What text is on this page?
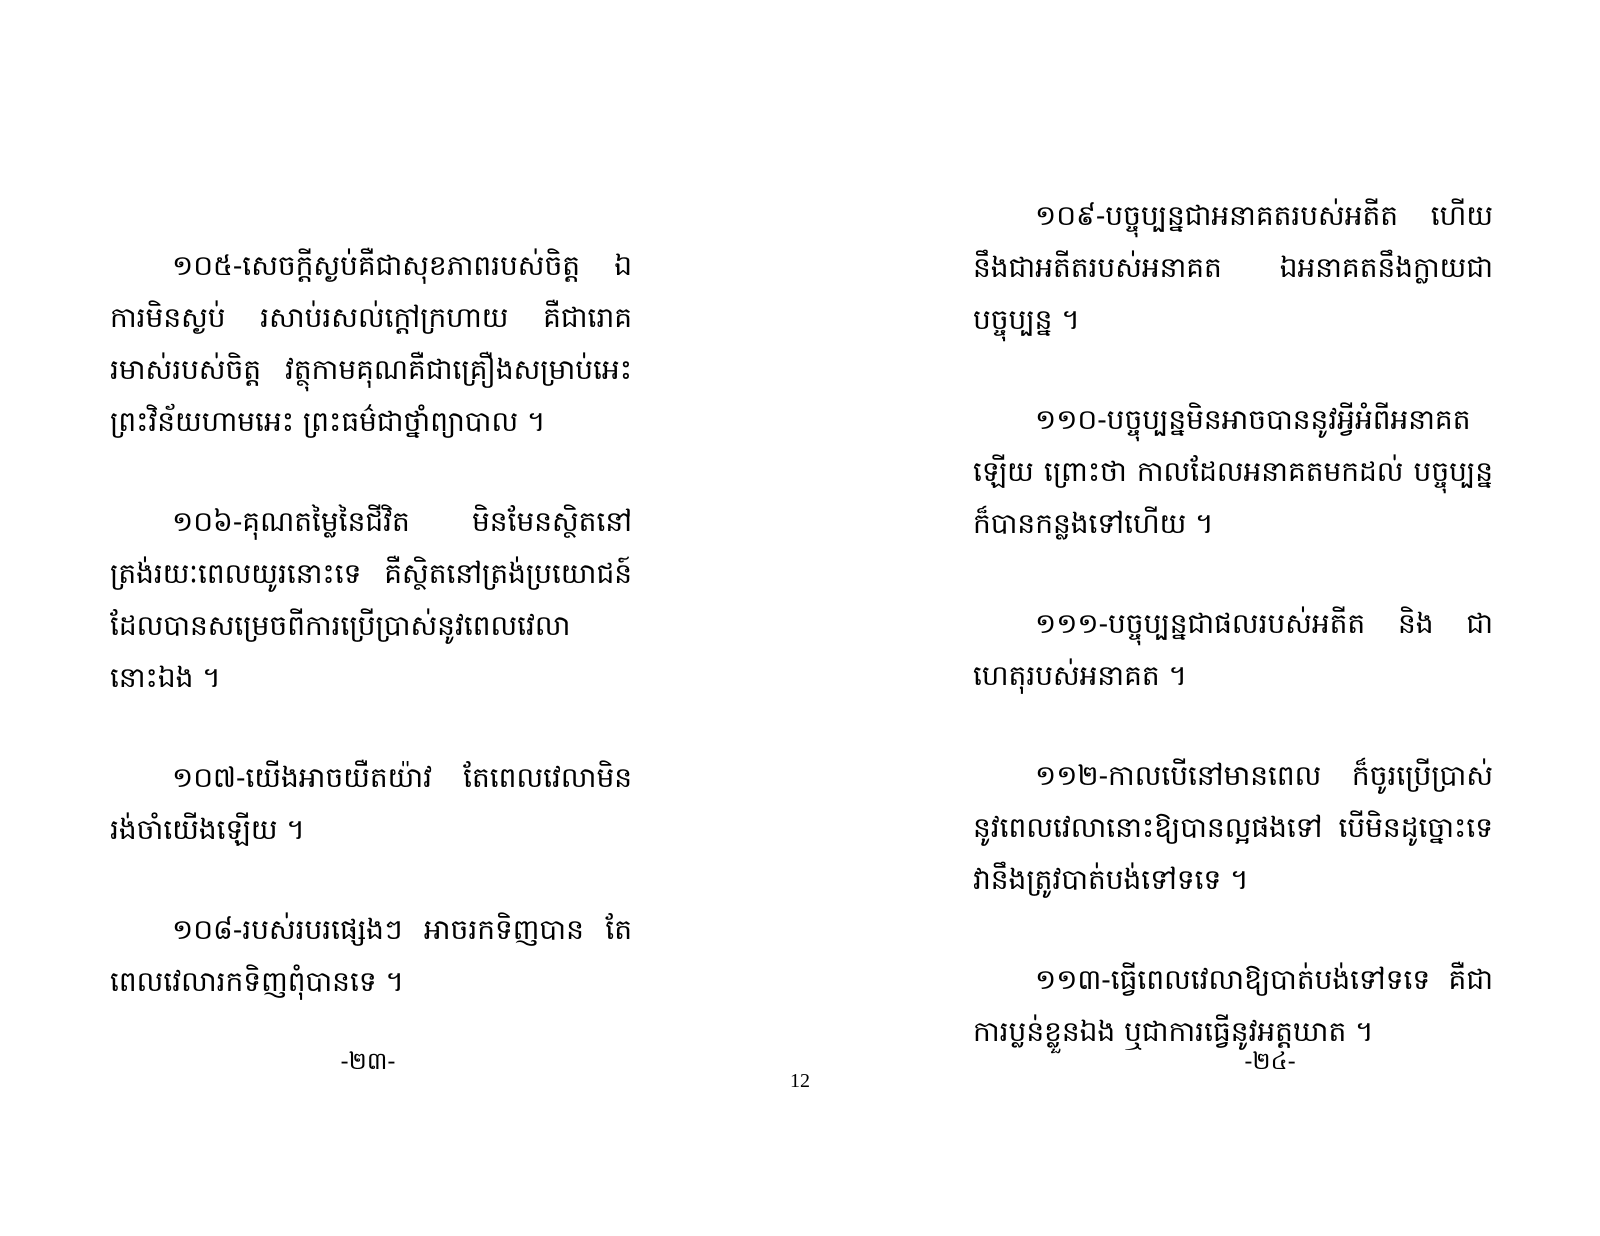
១០៥-សេចក្ដីស្ងប់គឺជាសុខភាពរបស់ចិត្ត ឯការមិនស្ងប់ រសាប់រសល់ក្ដៅក្រហាយ គឺជារោគរមាស់របស់ចិត្ត វត្ថុកាមគុណគឺជាគ្រឿងសម្រាប់អេះ ព្រះវិន័យហាមអេះ ព្រះធម៌ជាថ្នាំព្យាបាល ។

១០៦-គុណតម្លៃនៃជីវិត មិនមែនស្ថិតនៅត្រង់រយៈពេលយូរនោះទេ គឺស្ថិតនៅត្រង់ប្រយោជន៍ដែលបានសម្រេចពីការប្រើប្រាស់នូវពេលវេលានោះឯង ។

១០៧-យើងអាចយឺតយ៉ាវ តែពេលវេលាមិនរង់ចាំយើងឡើយ ។

១០៨-របស់របរផ្សេងៗ អាចរកទិញបាន តែពេលវេលារកទិញពុំបានទេ ។

-២៣-

១០៩-បច្ចុប្បន្នជាអនាគតរបស់អតីត ហើយនឹងជាអតីតរបស់អនាគត ឯអនាគតនឹងក្លាយជាបច្ចុប្បន្ន ។

១១០-បច្ចុប្បន្នមិនអាចបាននូវអ្វីអំពីអនាគតឡើយ ព្រោះថា កាលដែលអនាគតមកដល់ បច្ចុប្បន្នក៏បានកន្លងទៅហើយ ។

១១១-បច្ចុប្បន្នជាផលរបស់អតីត និង ជាហេតុរបស់អនាគត ។

១១២-កាលបើនៅមានពេល ក៏ចូរប្រើប្រាស់នូវពេលវេលានោះឱ្យបានល្អផងទៅ បើមិនដូច្នោះទេ វានឹងត្រូវបាត់បង់ទៅទទេ ។

១១៣-ធ្វើពេលវេលាឱ្យបាត់បង់ទៅទទេ គឺជាការប្លន់ខ្លួនឯង ឬជាការធ្វើនូវអត្តឃាត ។

-២៤-
12
